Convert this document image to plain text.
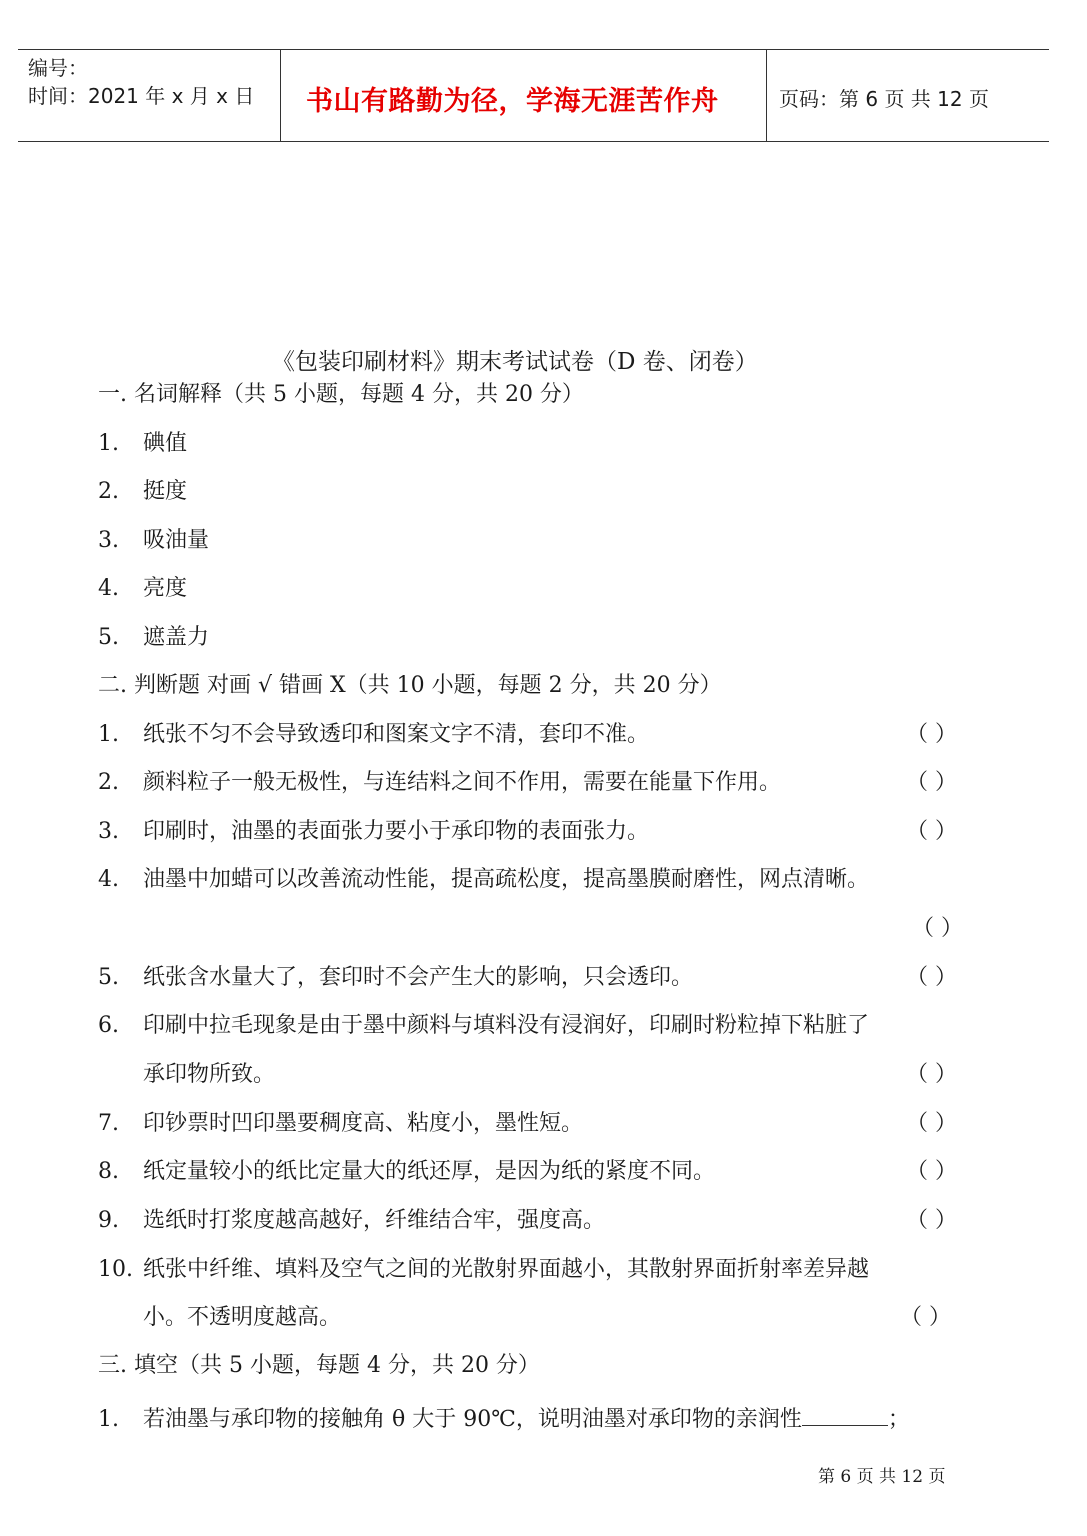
编号：
时间：2021 年 x 月 x 日 书山有路勤为径，学海无涯苦作舟	页码：第 6 页 共 12 页
《包装印刷材料》期末考试试卷（D 卷、闭卷）
一. 名词解释（共 5 小题，每题 4 分，共 20 分）
1. 碘值
2. 挺度
3. 吸油量
4. 亮度
5. 遮盖力
二. 判断题 对画 √ 错画 X（共 10 小题，每题 2 分，共 20 分）
1. 纸张不匀不会导致透印和图案文字不清，套印不准。	（ ）
2. 颜料粒子一般无极性，与连结料之间不作用，需要在能量下作用。	（ ）
3. 印刷时，油墨的表面张力要小于承印物的表面张力。	（ ）
4. 油墨中加蜡可以改善流动性能，提高疏松度，提高墨膜耐磨性，网点清晰。
（ ）
5. 纸张含水量大了，套印时不会产生大的影响，只会透印。	（ ）
6. 印刷中拉毛现象是由于墨中颜料与填料没有浸润好，印刷时粉粒掉下粘脏了
承印物所致。	（ ）
7. 印钞票时凹印墨要稠度高、粘度小，墨性短。	（ ）
8. 纸定量较小的纸比定量大的纸还厚，是因为纸的紧度不同。	（ ）
9. 选纸时打浆度越高越好，纤维结合牢，强度高。	（ ）
10. 纸张中纤维、填料及空气之间的光散射界面越小，其散射界面折射率差异越
小。不透明度越高。	（ ）
三. 填空（共 5 小题，每题 4 分，共 20 分）
1. 若油墨与承印物的接触角 θ 大于 90℃，说明油墨对承印物的亲润性	；
第 6 页 共 12 页
